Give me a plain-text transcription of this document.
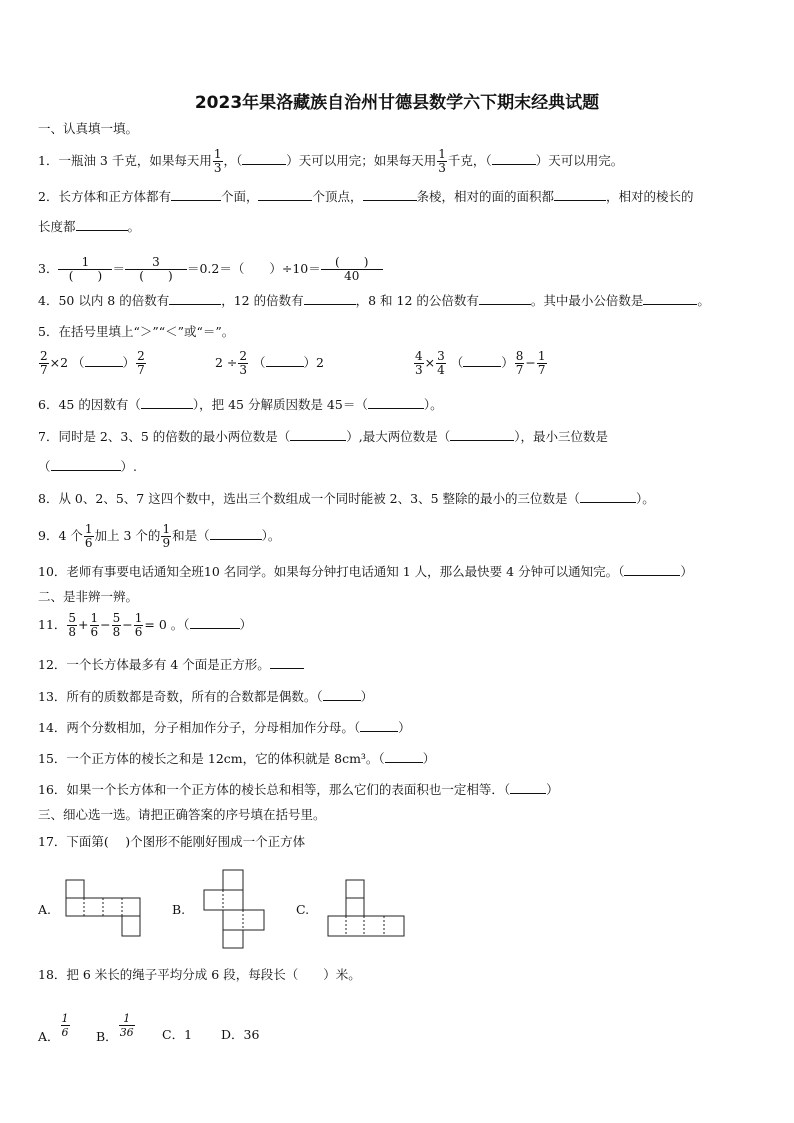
2023年果洛藏族自治州甘德县数学六下期末经典试题
一、认真填一填。
1．一瓶油 3 千克，如果每天用 $\frac{1}{3}$ ，（	）天可以用完；如果每天用 $\frac{1}{3}$ 千克，（	）天可以用完。
2．长方体和正方体都有	个面，	个顶点，	条棱，相对的面的面积都	，相对的棱长的
长度都	。
3． $\frac{1}{( )} = \frac{3}{( )} =0.2=$（　　）$\div 10= \frac{( )}{40}$
4．50 以内 8 的倍数有	，12 的倍数有	，8 和 12 的公倍数有	。其中最小公倍数是	。
5．在括号里填上“＞”“＜”或“＝”。
$\frac{2}{7} \times 2$ （	） $\frac{2}{7}$	$2 \div \frac{2}{3}$ （	）2	$\frac{4}{3} \times \frac{3}{4}$ （	） $\frac{8}{7} - \frac{1}{7}$
6．45 的因数有（	），把 45 分解质因数是 45＝（	）。
7．同时是 2、3、5 的倍数的最小两位数是（	）,最大两位数是（	），最小三位数是
（	）.
8．从 0、2、5、7 这四个数中，选出三个数组成一个同时能被 2、3、5 整除的最小的三位数是（	）。
9．4 个 $\frac{1}{6}$ 加上 3 个的 $\frac{1}{9}$ 和是（	）。
10．老师有事要电话通知全班10 名同学。如果每分钟打电话通知 1 人，那么最快要 4 分钟可以通知完。（	）
二、是非辨一辨。
11． $\frac{5}{8} + \frac{1}{6} - \frac{5}{8} - \frac{1}{6} = 0$ 。（	）
12．一个长方体最多有 4 个面是正方形。
13．所有的质数都是奇数，所有的合数都是偶数。（	）
14．两个分数相加，分子相加作分子，分母相加作分母。（	）
15．一个正方体的棱长之和是 12cm，它的体积就是 8cm³。（	）
16．如果一个长方体和一个正方体的棱长总和相等，那么它们的表面积也一定相等．（	）
三、细心选一选。请把正确答案的序号填在括号里。
17．下面第(　 )个图形不能刚好围成一个正方体
A.	B.	C.
18．把 6 米长的绳子平均分成 6 段，每段长（　　）米。
A． $\frac{1}{6}$ B． $\frac{1}{36}$ C．1 D．36
